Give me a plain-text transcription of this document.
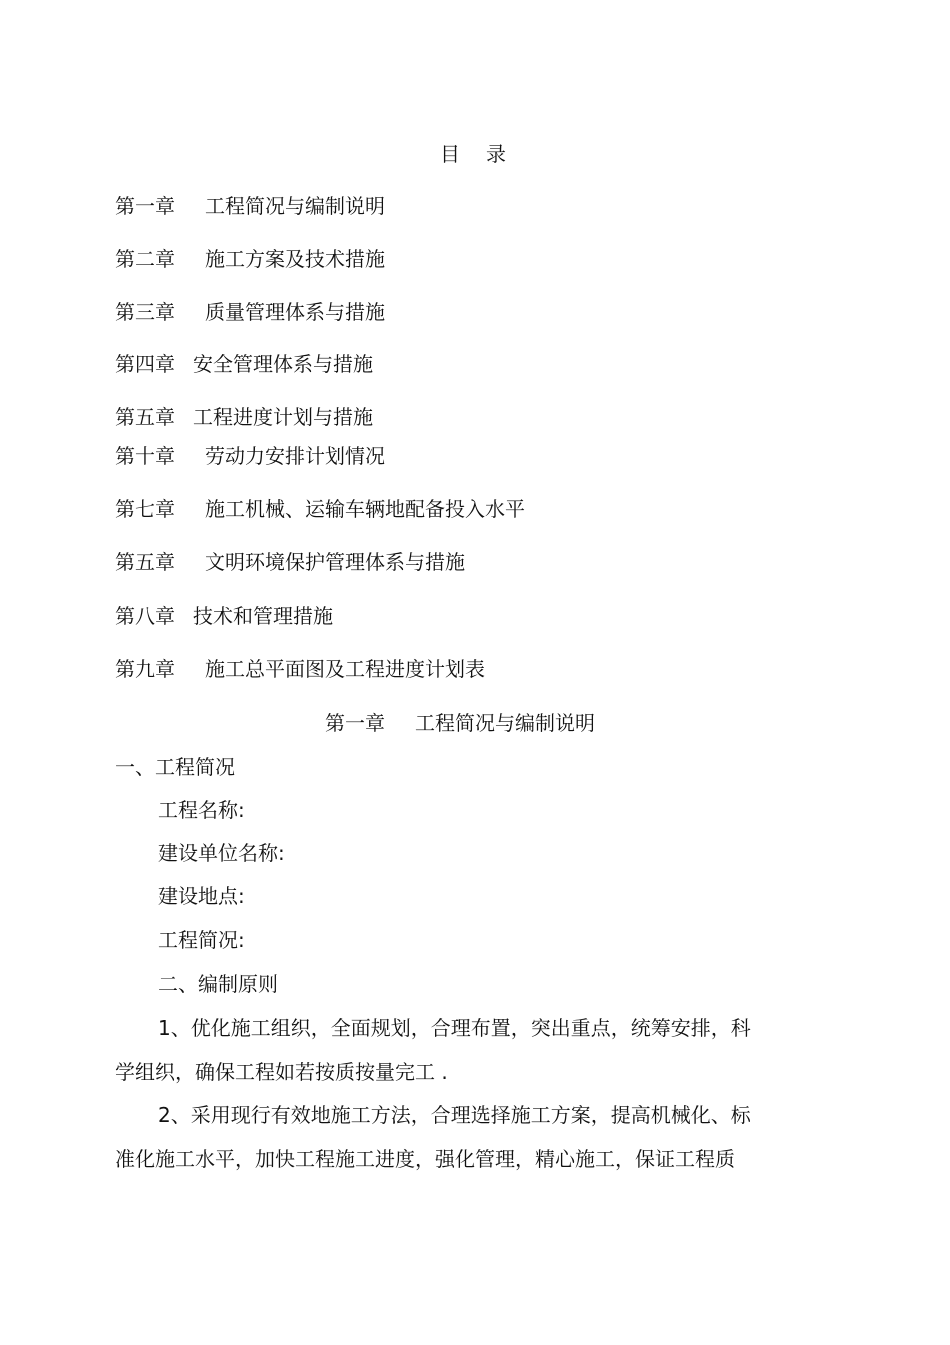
目 录
第一章 工程简况与编制说明
第二章 施工方案及技术措施
第三章 质量管理体系与措施
第四章 安全管理体系与措施
第五章 工程进度计划与措施
第十章 劳动力安排计划情况
第七章 施工机械、运输车辆地配备投入水平
第五章 文明环境保护管理体系与措施
第八章 技术和管理措施
第九章 施工总平面图及工程进度计划表
第一章 工程简况与编制说明
一、工程简况
工程名称:
建设单位名称:
建设地点:
工程简况:
二、编制原则
1、优化施工组织，全面规划，合理布置，突出重点，统筹安排，科
学组织，确保工程如若按质按量完工 .
2、采用现行有效地施工方法，合理选择施工方案，提高机械化、标
准化施工水平，加快工程施工进度，强化管理，精心施工，保证工程质
